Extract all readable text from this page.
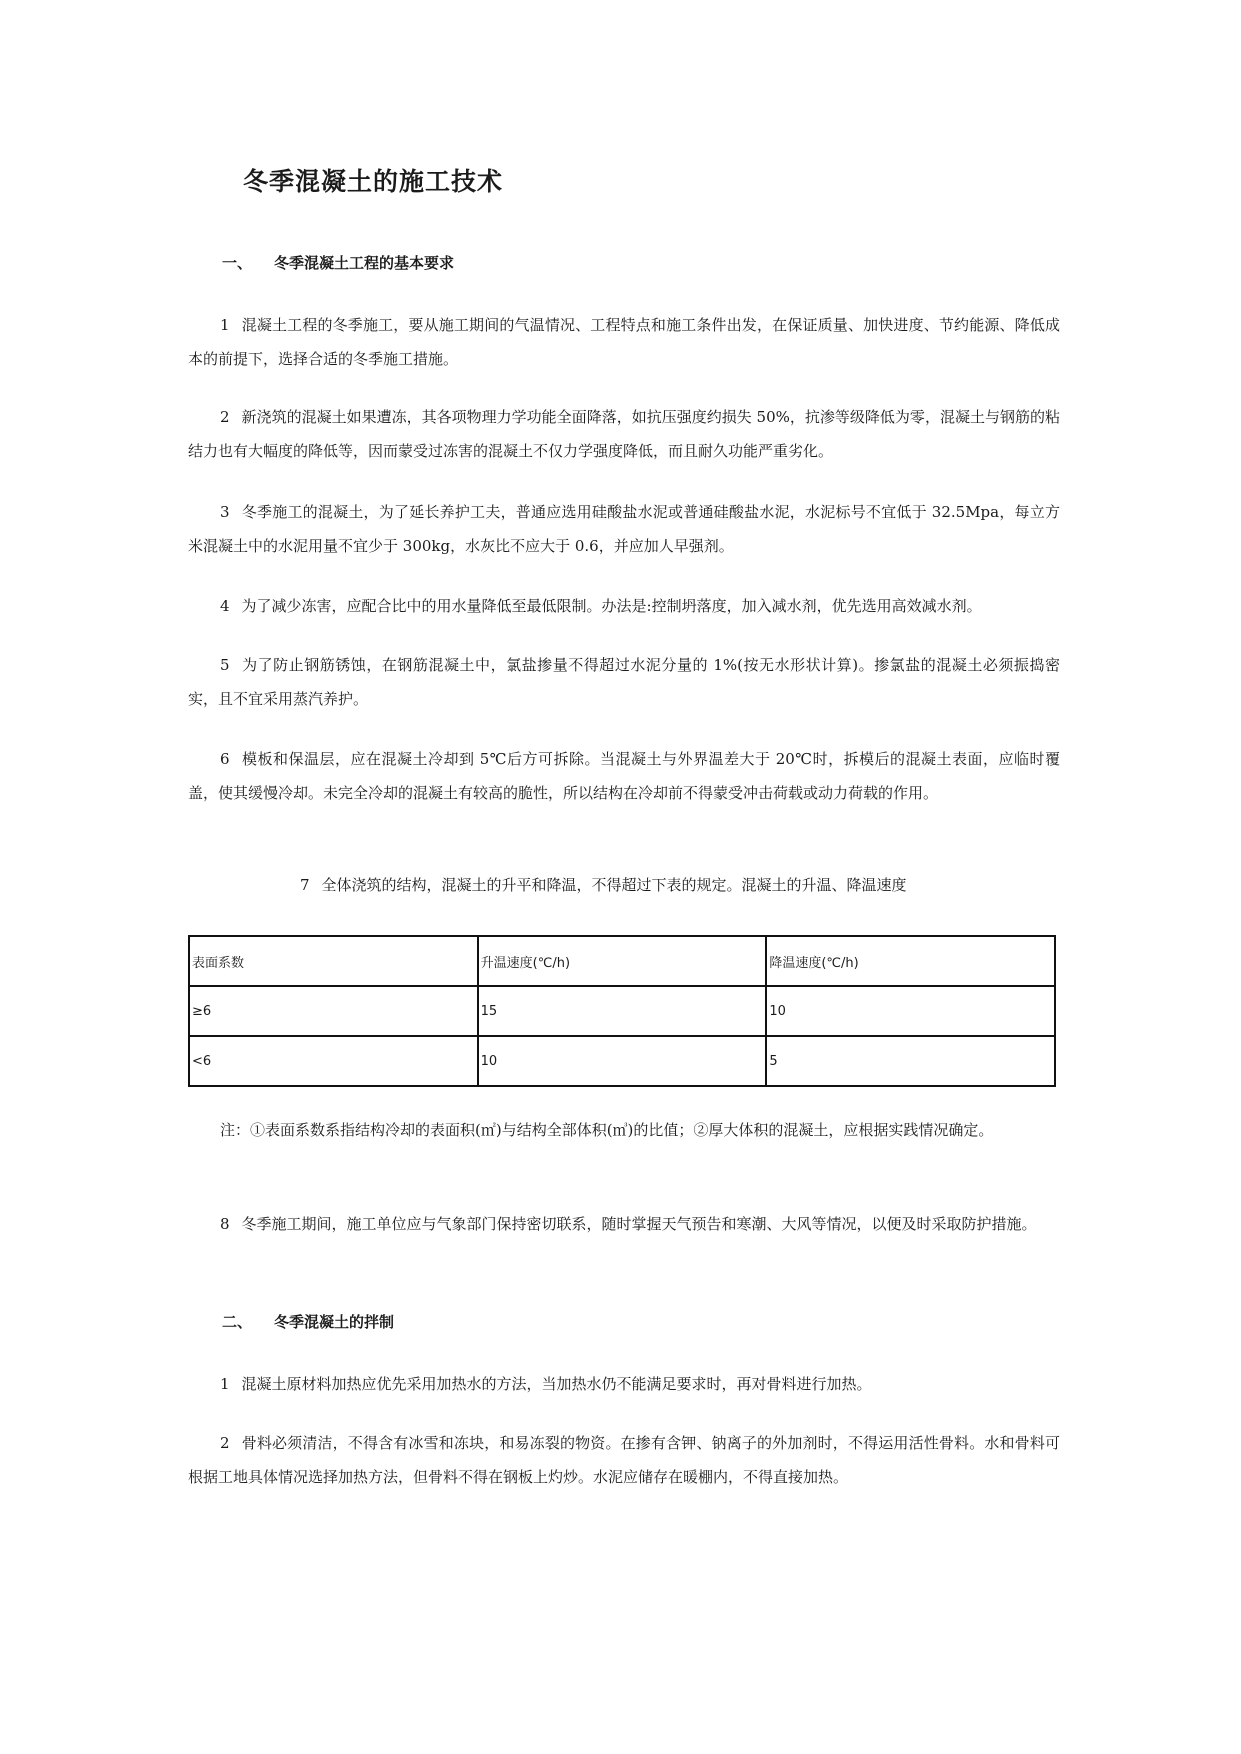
冬季混凝土的施工技术
一、 冬季混凝土工程的基本要求

1 混凝土工程的冬季施工，要从施工期间的气温情况、工程特点和施工条件出发，在保证质量、加快进度、节约能源、降低成本的前提下，选择合适的冬季施工措施。

2 新浇筑的混凝土如果遭冻，其各项物理力学功能全面降落，如抗压强度约损失 50%，抗渗等级降低为零，混凝土与钢筋的粘结力也有大幅度的降低等，因而蒙受过冻害的混凝土不仅力学强度降低，而且耐久功能严重劣化。

3 冬季施工的混凝土，为了延长养护工夫，普通应选用硅酸盐水泥或普通硅酸盐水泥，水泥标号不宜低于 32.5Mpa，每立方米混凝土中的水泥用量不宜少于 300kg，水灰比不应大于 0.6，并应加人早强剂。

4 为了减少冻害，应配合比中的用水量降低至最低限制。办法是:控制坍落度，加入减水剂，优先选用高效减水剂。

5 为了防止钢筋锈蚀，在钢筋混凝土中，氯盐掺量不得超过水泥分量的 1%(按无水形状计算)。掺氯盐的混凝土必须振捣密实，且不宜采用蒸汽养护。

6 模板和保温层，应在混凝土冷却到 5℃后方可拆除。当混凝土与外界温差大于 20℃时，拆模后的混凝土表面，应临时覆盖，使其缓慢冷却。未完全冷却的混凝土有较高的脆性，所以结构在冷却前不得蒙受冲击荷载或动力荷载的作用。

7 全体浇筑的结构，混凝土的升平和降温，不得超过下表的规定。混凝土的升温、降温速度

表面系数	升温速度(℃/h)	降温速度(℃/h)
≥6	15	10
<6	10	5

注：①表面系数系指结构冷却的表面积(㎡)与结构全部体积(㎥)的比值；②厚大体积的混凝土，应根据实践情况确定。

8 冬季施工期间，施工单位应与气象部门保持密切联系，随时掌握天气预告和寒潮、大风等情况，以便及时采取防护措施。

二、 冬季混凝土的拌制

1 混凝土原材料加热应优先采用加热水的方法，当加热水仍不能满足要求时，再对骨料进行加热。

2 骨料必须清洁，不得含有冰雪和冻块，和易冻裂的物资。在掺有含钾、钠离子的外加剂时，不得运用活性骨料。水和骨料可根据工地具体情况选择加热方法，但骨料不得在钢板上灼炒。水泥应储存在暖棚内，不得直接加热。
